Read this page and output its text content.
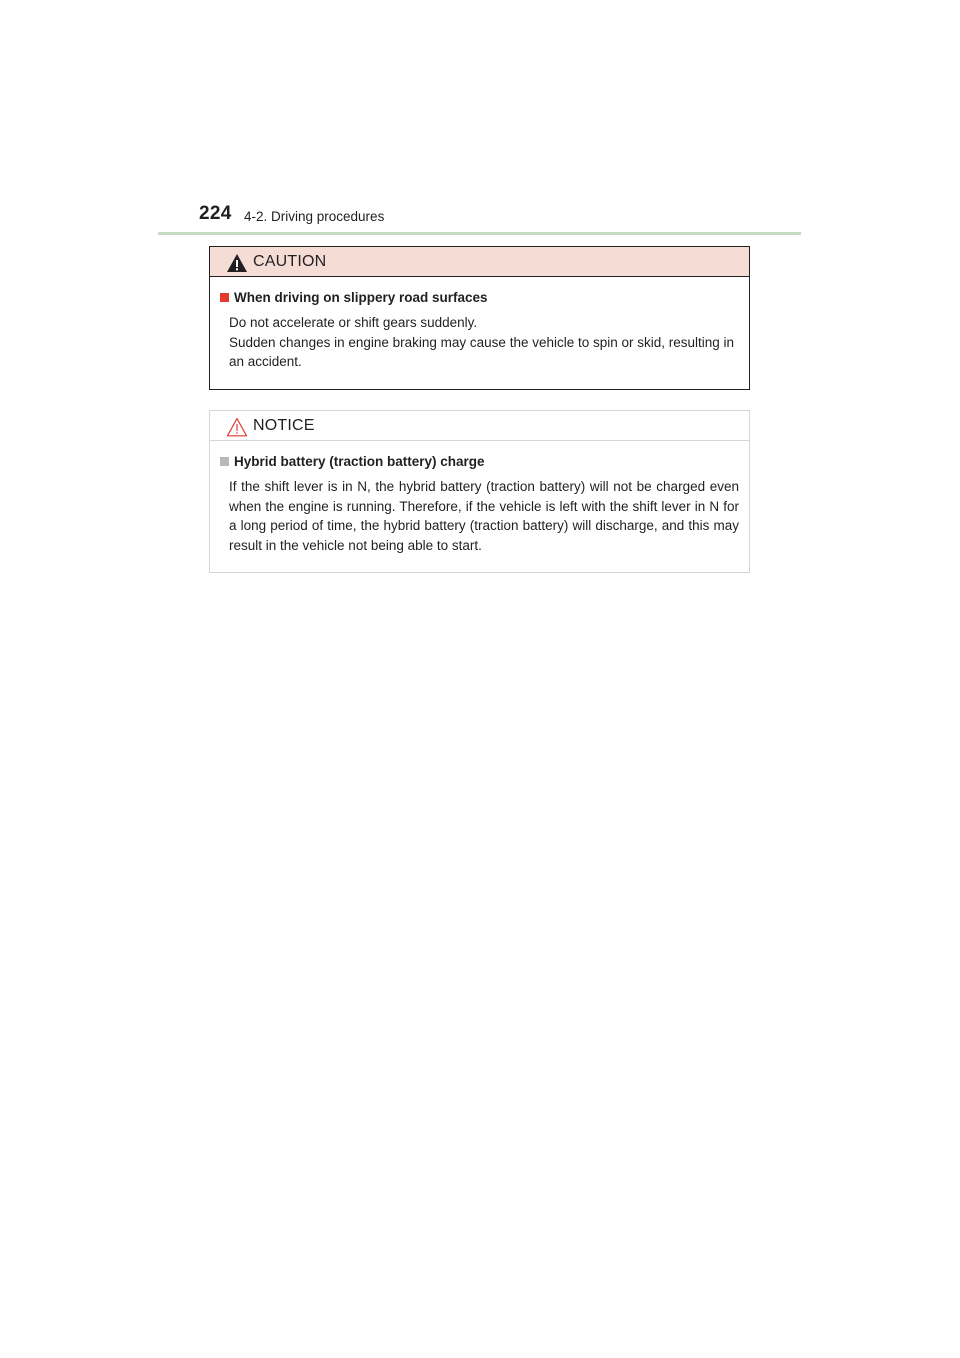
224 4-2. Driving procedures
CAUTION
When driving on slippery road surfaces

Do not accelerate or shift gears suddenly.

Sudden changes in engine braking may cause the vehicle to spin or skid, resulting in an accident.

NOTICE
Hybrid battery (traction battery) charge

If the shift lever is in N, the hybrid battery (traction battery) will not be charged even when the engine is running. Therefore, if the vehicle is left with the shift lever in N for a long period of time, the hybrid battery (traction battery) will discharge, and this may result in the vehicle not being able to start.
